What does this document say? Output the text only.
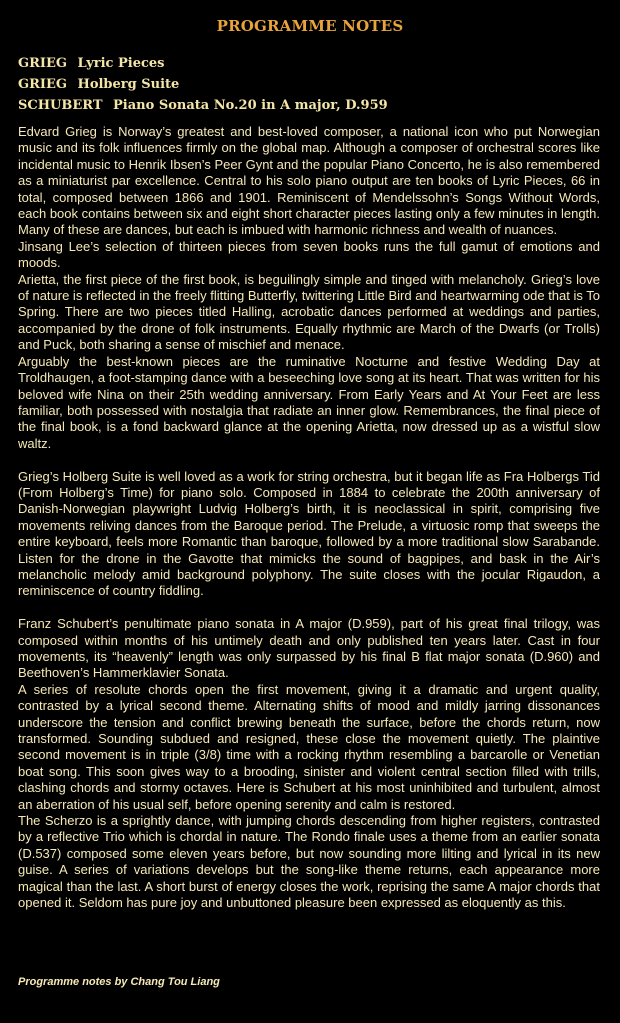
PROGRAMME NOTES
GRIEG Lyric Pieces
GRIEG Holberg Suite
SCHUBERT Piano Sonata No.20 in A major, D.959

Edvard Grieg is Norway’s greatest and best-loved composer, a national icon who put Norwegian music and its folk influences firmly on the global map. Although a composer of orchestral scores like incidental music to Henrik Ibsen’s Peer Gynt and the popular Piano Concerto, he is also remembered as a miniaturist par excellence. Central to his solo piano output are ten books of Lyric Pieces, 66 in total, composed between 1866 and 1901. Reminiscent of Mendelssohn’s Songs Without Words, each book contains between six and eight short character pieces lasting only a few minutes in length. Many of these are dances, but each is imbued with harmonic richness and wealth of nuances.

Jinsang Lee’s selection of thirteen pieces from seven books runs the full gamut of emotions and moods.

Arietta, the first piece of the first book, is beguilingly simple and tinged with melancholy. Grieg’s love of nature is reflected in the freely flitting Butterfly, twittering Little Bird and heartwarming ode that is To Spring. There are two pieces titled Halling, acrobatic dances performed at weddings and parties, accompanied by the drone of folk instruments. Equally rhythmic are March of the Dwarfs (or Trolls) and Puck, both sharing a sense of mischief and menace.

Arguably the best-known pieces are the ruminative Nocturne and festive Wedding Day at Troldhaugen, a foot-stamping dance with a beseeching love song at its heart. That was written for his beloved wife Nina on their 25th wedding anniversary. From Early Years and At Your Feet are less familiar, both possessed with nostalgia that radiate an inner glow. Remembrances, the final piece of the final book, is a fond backward glance at the opening Arietta, now dressed up as a wistful slow waltz.

Grieg’s Holberg Suite is well loved as a work for string orchestra, but it began life as Fra Holbergs Tid (From Holberg’s Time) for piano solo. Composed in 1884 to celebrate the 200th anniversary of Danish-Norwegian playwright Ludvig Holberg’s birth, it is neoclassical in spirit, comprising five movements reliving dances from the Baroque period. The Prelude, a virtuosic romp that sweeps the entire keyboard, feels more Romantic than baroque, followed by a more traditional slow Sarabande. Listen for the drone in the Gavotte that mimicks the sound of bagpipes, and bask in the Air’s melancholic melody amid background polyphony. The suite closes with the jocular Rigaudon, a reminiscence of country fiddling.

Franz Schubert’s penultimate piano sonata in A major (D.959), part of his great final trilogy, was composed within months of his untimely death and only published ten years later. Cast in four movements, its “heavenly” length was only surpassed by his final B flat major sonata (D.960) and Beethoven’s Hammerklavier Sonata.

A series of resolute chords open the first movement, giving it a dramatic and urgent quality, contrasted by a lyrical second theme. Alternating shifts of mood and mildly jarring dissonances underscore the tension and conflict brewing beneath the surface, before the chords return, now transformed. Sounding subdued and resigned, these close the movement quietly. The plaintive second movement is in triple (3/8) time with a rocking rhythm resembling a barcarolle or Venetian boat song. This soon gives way to a brooding, sinister and violent central section filled with trills, clashing chords and stormy octaves. Here is Schubert at his most uninhibited and turbulent, almost an aberration of his usual self, before opening serenity and calm is restored.

The Scherzo is a sprightly dance, with jumping chords descending from higher registers, contrasted by a reflective Trio which is chordal in nature. The Rondo finale uses a theme from an earlier sonata (D.537) composed some eleven years before, but now sounding more lilting and lyrical in its new guise. A series of variations develops but the song-like theme returns, each appearance more magical than the last. A short burst of energy closes the work, reprising the same A major chords that opened it. Seldom has pure joy and unbuttoned pleasure been expressed as eloquently as this.

Programme notes by Chang Tou Liang
